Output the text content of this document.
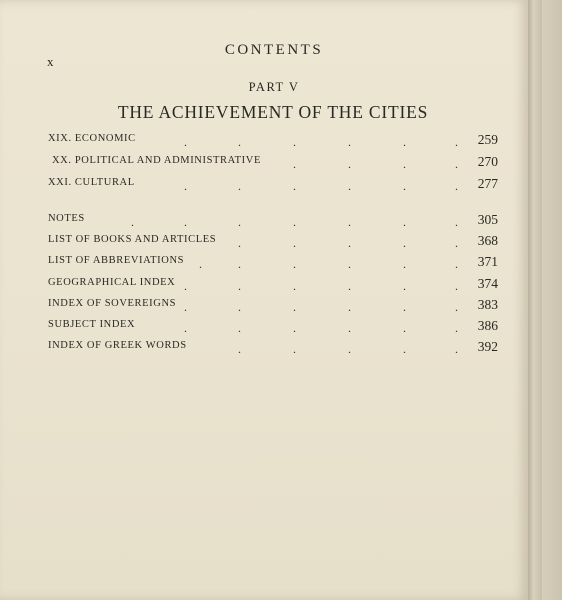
x
CONTENTS
PART V
THE ACHIEVEMENT OF THE CITIES
XIX. ECONOMIC	.	.	.	.	.	. 259
XX. POLITICAL AND ADMINISTRATIVE	.	.	.	. 270
XXI. CULTURAL	.	.	.	.	.	. 277
NOTES	.	.	.	.	.	.	. 305
LIST OF BOOKS AND ARTICLES .	.	.	.	. 368
LIST OF ABBREVIATIONS .	.	.	.	.	. 371
GEOGRAPHICAL INDEX .	.	.	.	.	. 374
INDEX OF SOVEREIGNS .	.	.	.	.	. 383
SUBJECT INDEX	.	.	.	.	.	. 386
INDEX OF GREEK WORDS	.	.	.	.	. 392
